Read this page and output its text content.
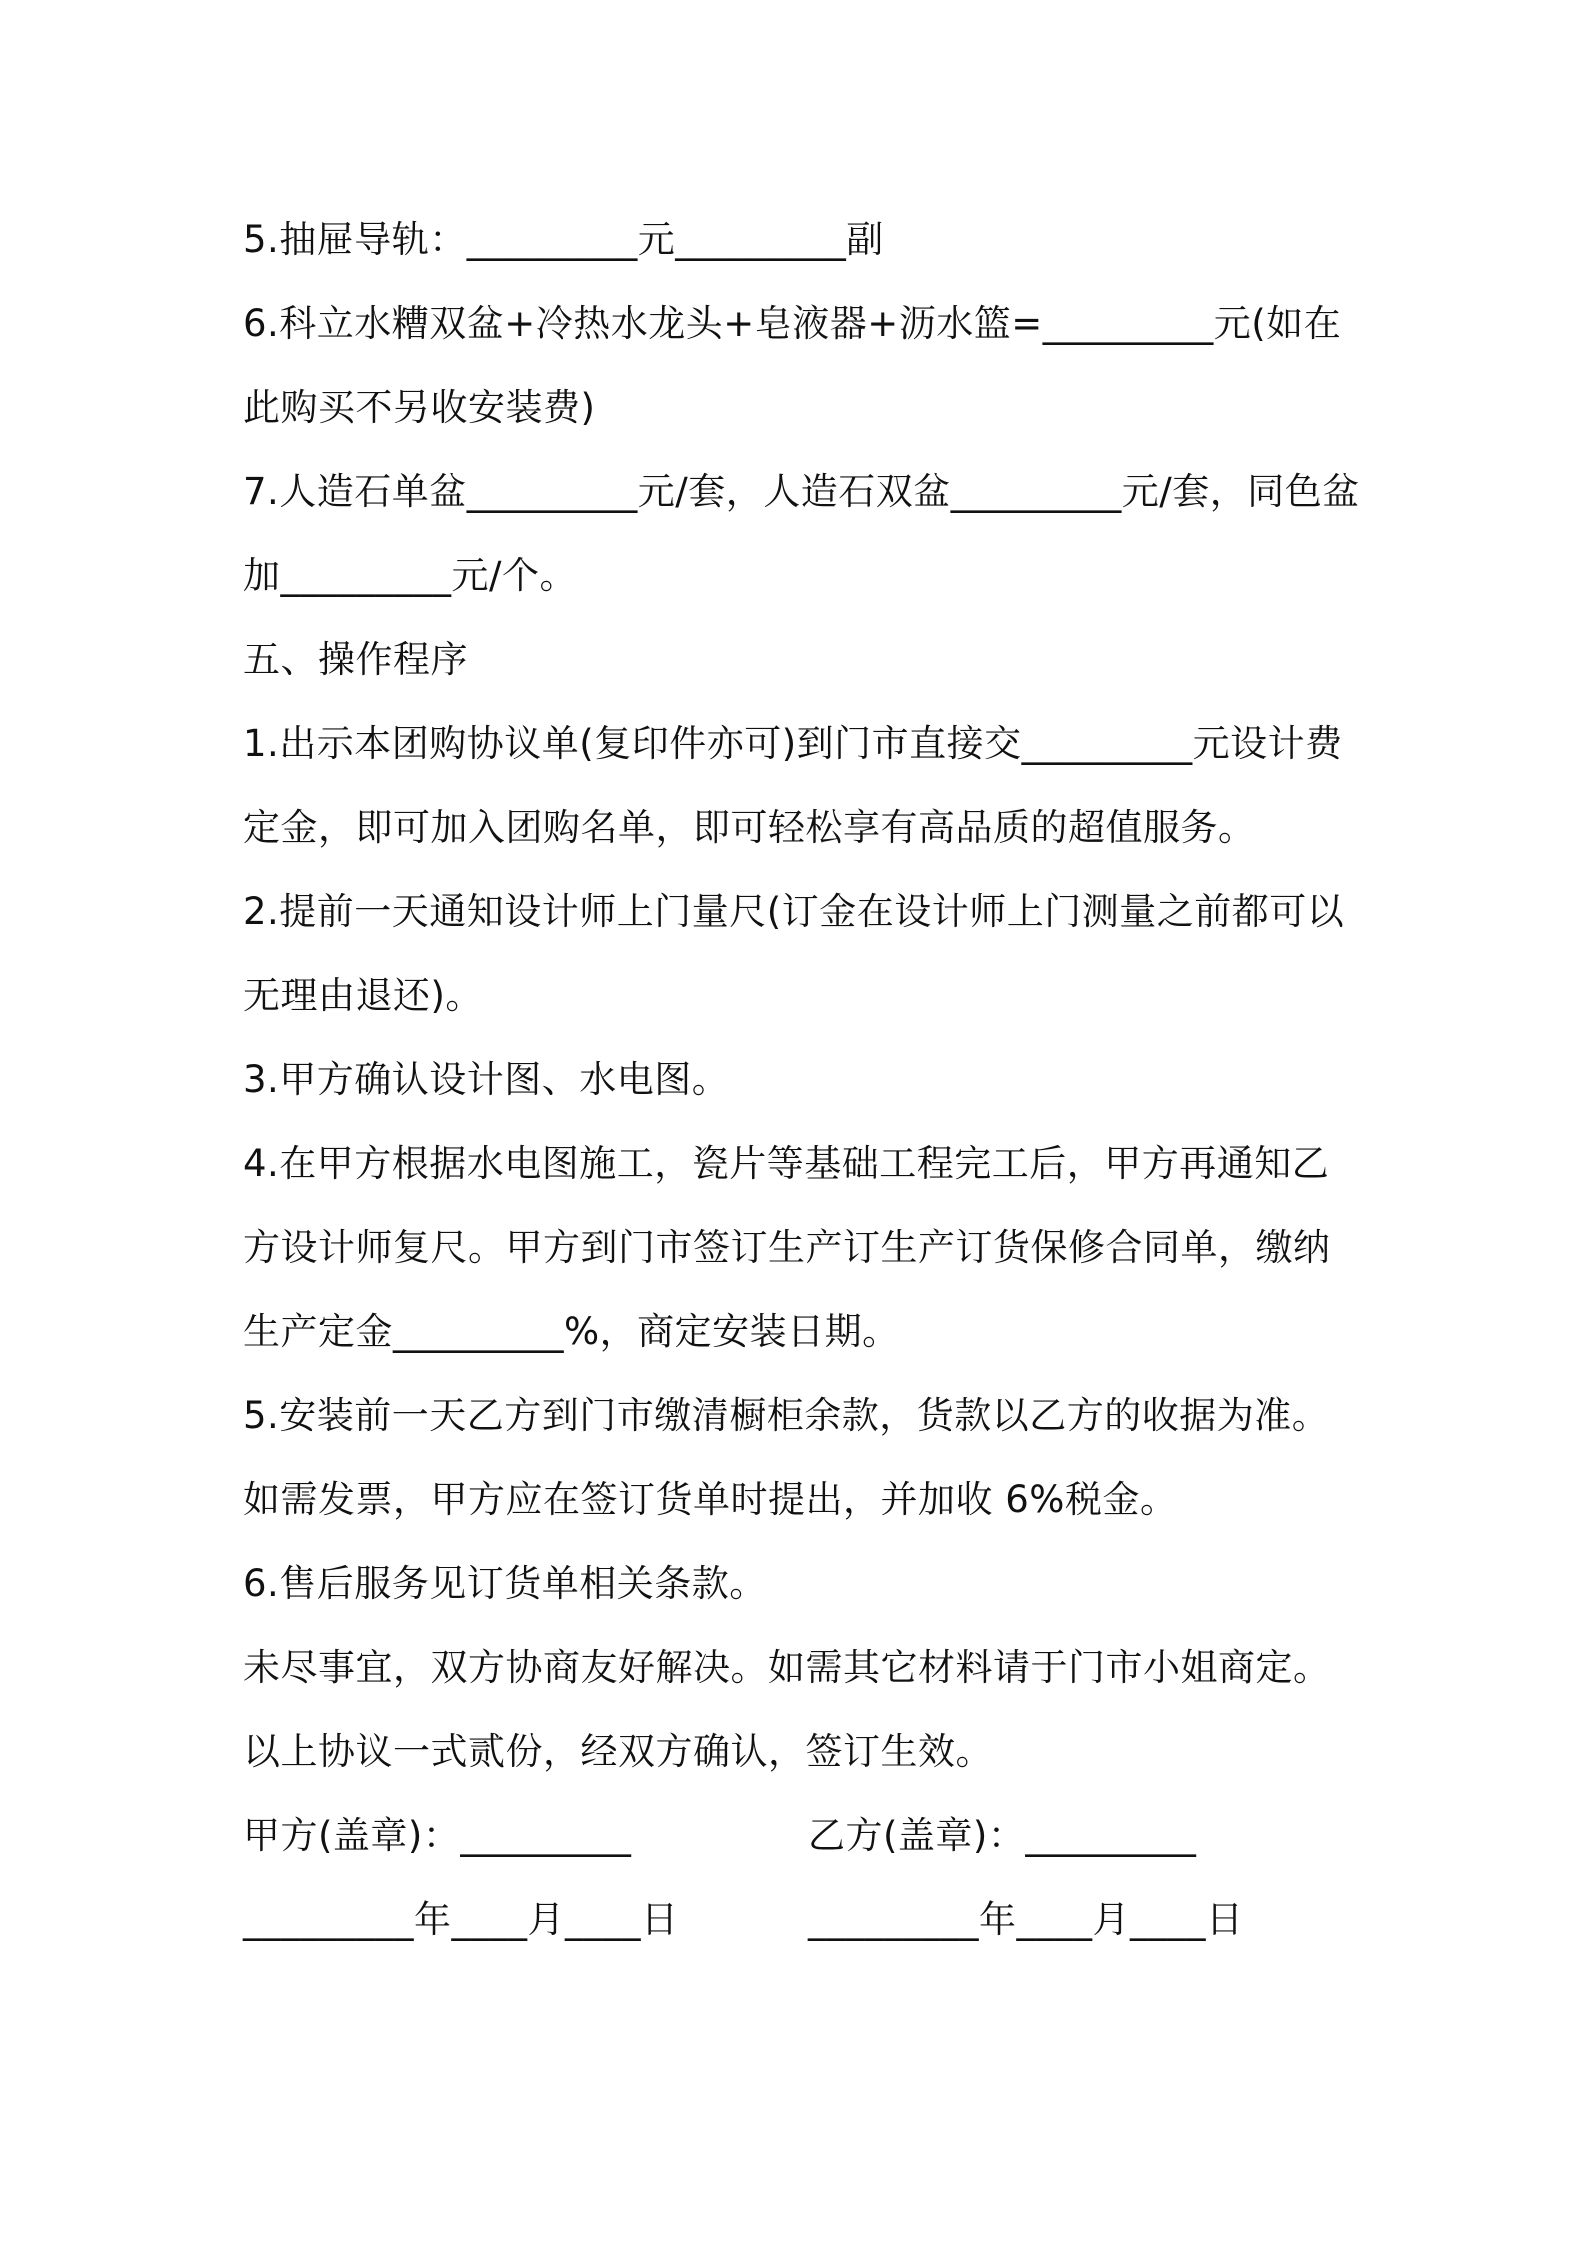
5.抽屉导轨：_________元_________副

6.科立水糟双盆+冷热水龙头+皂液器+沥水篮=_________元(如在此购买不另收安装费)

7.人造石单盆_________元/套，人造石双盆_________元/套，同色盆加_________元/个。

五、操作程序

1.出示本团购协议单(复印件亦可)到门市直接交_________元设计费定金，即可加入团购名单，即可轻松享有高品质的超值服务。

2.提前一天通知设计师上门量尺(订金在设计师上门测量之前都可以无理由退还)。

3.甲方确认设计图、水电图。

4.在甲方根据水电图施工，瓷片等基础工程完工后，甲方再通知乙方设计师复尺。甲方到门市签订生产订生产订货保修合同单，缴纳生产定金_________%，商定安装日期。

5.安装前一天乙方到门市缴清橱柜余款，货款以乙方的收据为准。如需发票，甲方应在签订货单时提出，并加收 6%税金。

6.售后服务见订货单相关条款。

未尽事宜，双方协商友好解决。如需其它材料请于门市小姐商定。

以上协议一式贰份，经双方确认，签订生效。

甲方(盖章)：_________

	乙方(盖章)：_________

_________年____月____日

	_________年____月____日
